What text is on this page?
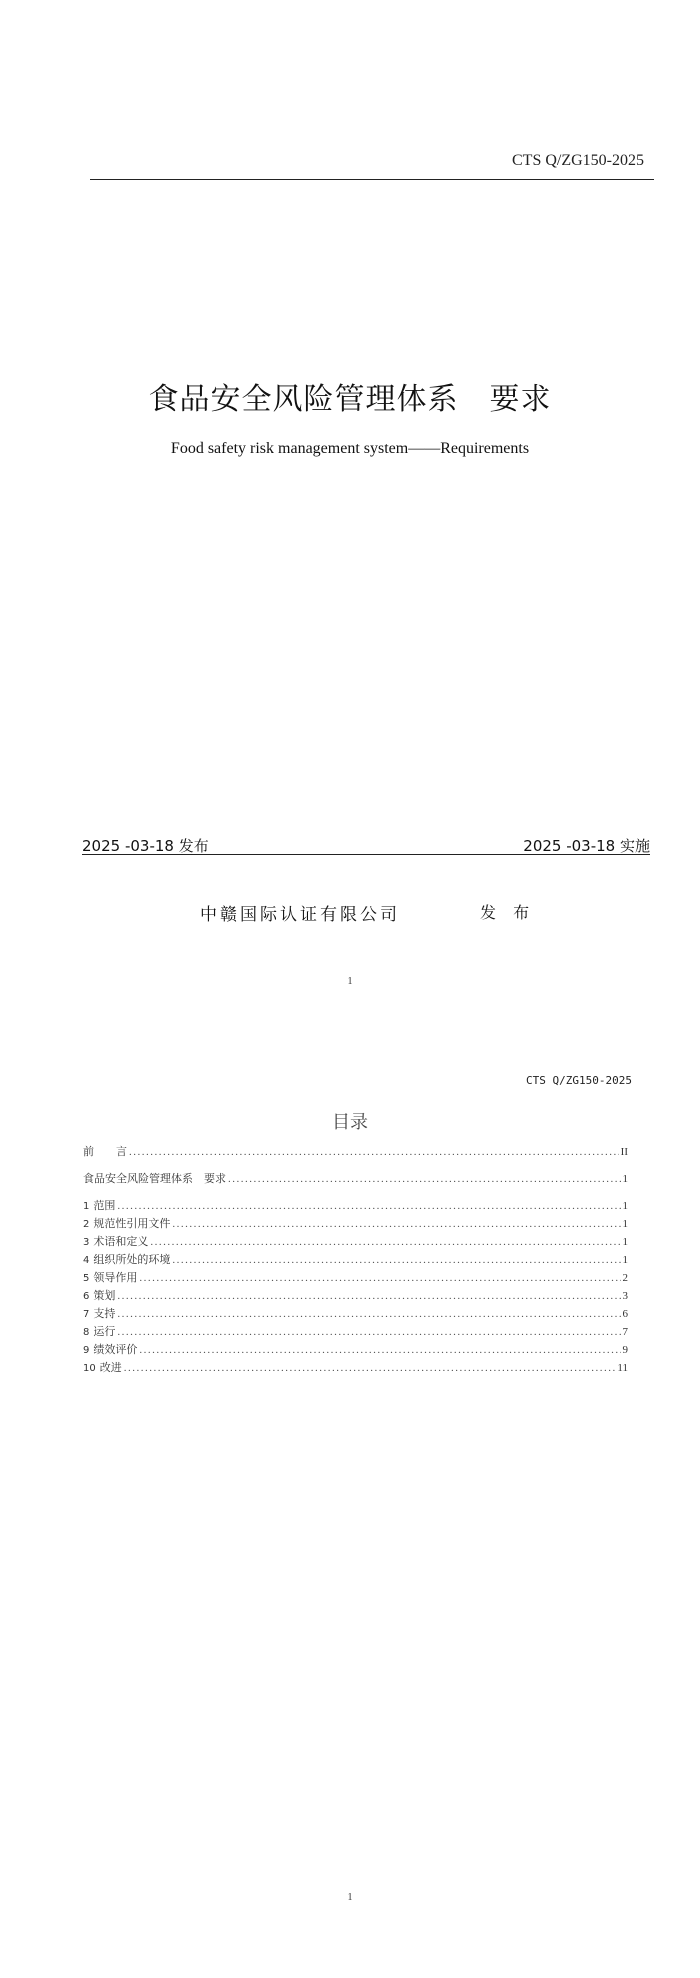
CTS Q/ZG150-2025
食品安全风险管理体系　要求
Food safety risk management system——Requirements
2025 -03-18 发布	2025 -03-18 实施
中赣国际认证有限公司	发 布
1
CTS Q/ZG150-2025
目录
前　　言 .....	II
食品安全风险管理体系　要求 .....	1
1 范围 .....	1
2 规范性引用文件 .....	1
3 术语和定义 .....	1
4 组织所处的环境 .....	1
5 领导作用 .....	2
6 策划 .....	3
7 支持 .....	6
8 运行 .....	7
9 绩效评价 .....	9
10 改进 .....	11
1
